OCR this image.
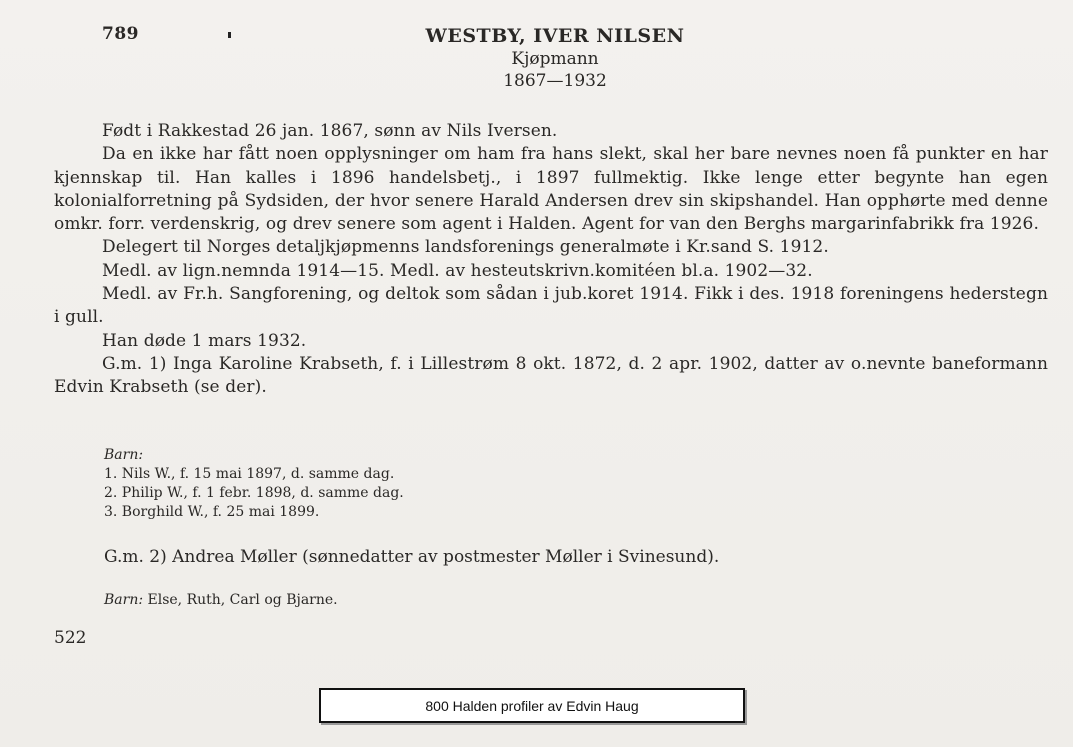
789	WESTBY, IVER NILSEN
Kjøpmann
1867—1932

Født i Rakkestad 26 jan. 1867, sønn av Nils Iversen.

Da en ikke har fått noen opplysninger om ham fra hans slekt, skal her bare nevnes noen få punkter en har kjennskap til. Han kalles i 1896 handelsbetj., i 1897 fullmektig. Ikke lenge etter begynte han egen kolonialforretning på Sydsiden, der hvor senere Harald Andersen drev sin skipshandel. Han opphørte med denne omkr. forr. verdenskrig, og drev senere som agent i Halden. Agent for van den Berghs margarinfabrikk fra 1926.

Delegert til Norges detaljkjøpmenns landsforenings generalmøte i Kr.sand S. 1912.

Medl. av lign.nemnda 1914—15. Medl. av hesteutskrivn.komitéen bl.a. 1902—32.

Medl. av Fr.h. Sangforening, og deltok som sådan i jub.koret 1914. Fikk i des. 1918 foreningens hederstegn i gull.

Han døde 1 mars 1932.

G.m. 1) Inga Karoline Krabseth, f. i Lillestrøm 8 okt. 1872, d. 2 apr. 1902, datter av o.nevnte baneformann Edvin Krabseth (se der).

Barn:

1. Nils W., f. 15 mai 1897, d. samme dag.

2. Philip W., f. 1 febr. 1898, d. samme dag.

3. Borghild W., f. 25 mai 1899.

G.m. 2) Andrea Møller (sønnedatter av postmester Møller i Svinesund).
Barn: Else, Ruth, Carl og Bjarne.
522
800 Halden profiler av Edvin Haug
